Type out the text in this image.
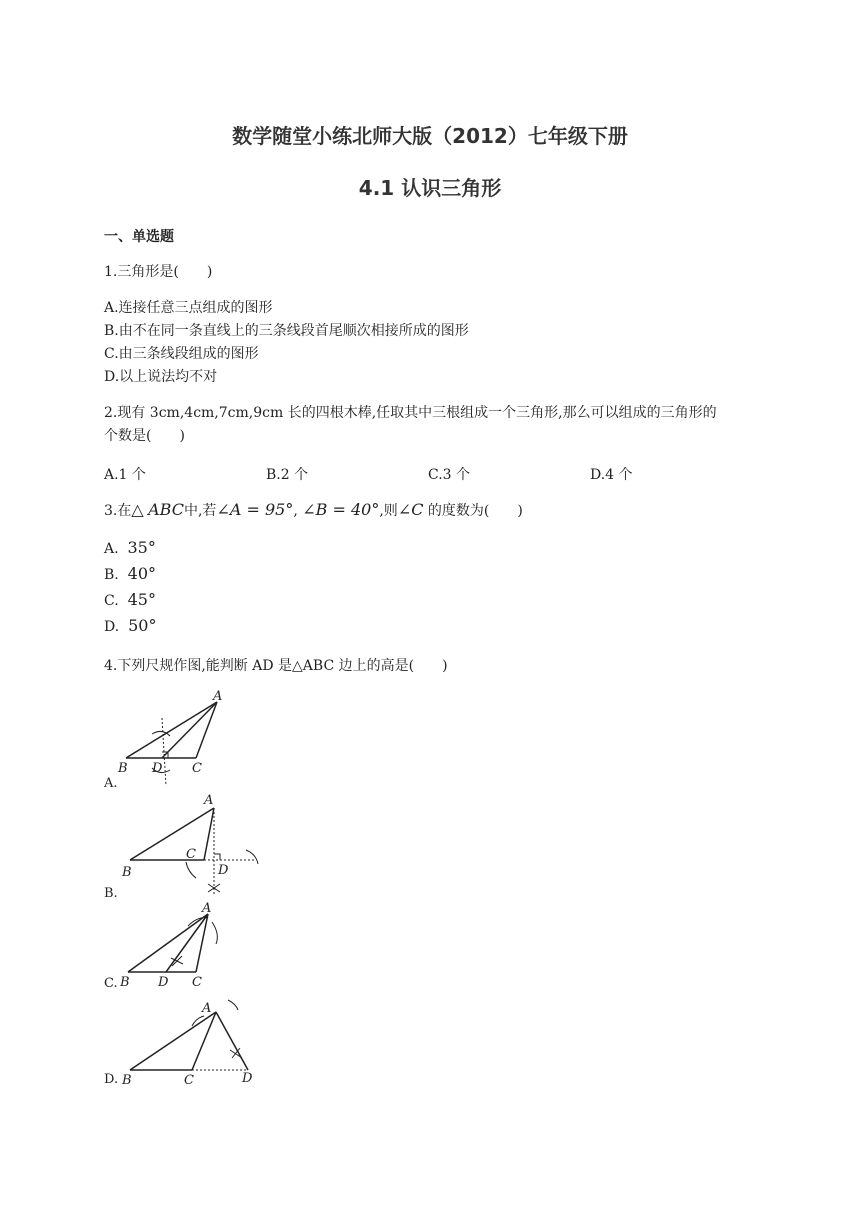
数学随堂小练北师大版（2012）七年级下册
4.1 认识三角形
一、单选题
1.三角形是(　　)
A.连接任意三点组成的图形
B.由不在同一条直线上的三条线段首尾顺次相接所成的图形
C.由三条线段组成的图形
D.以上说法均不对
2.现有 3cm,4cm,7cm,9cm 长的四根木棒,任取其中三根组成一个三角形,那么可以组成的三角形的
个数是(　　)
A.1 个	B.2 个	C.3 个	D.4 个
3.在△ ABC中,若∠A = 95°, ∠B = 40°,则∠C 的度数为(　　)
A. 35°
B. 40°
C. 45°
D. 50°
4.下列尺规作图,能判断 AD 是△ABC 边上的高是(　　)
A
B D C
A.
A
B
C
D
B.
A
B D C
C.
A
B	C	D
D.
